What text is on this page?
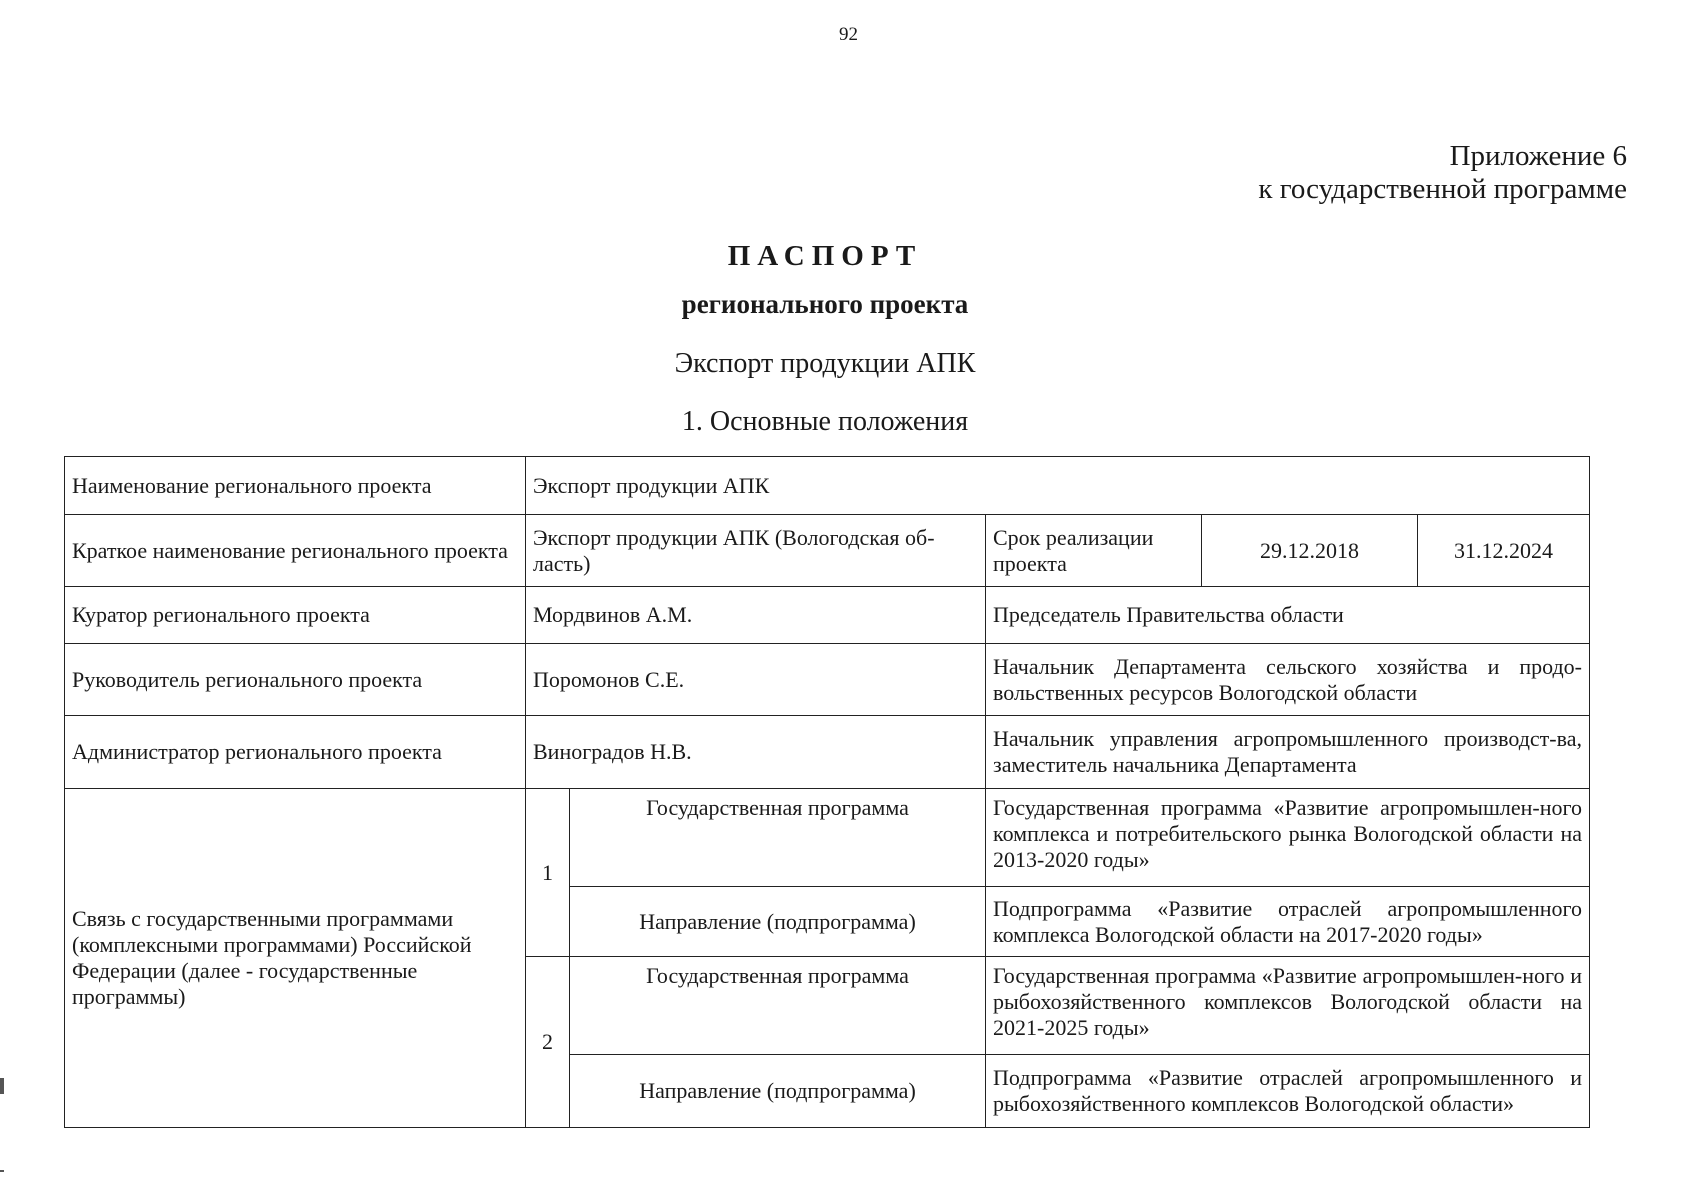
92
Приложение 6
к государственной программе
ПАСПОРТ
регионального проекта
Экспорт продукции АПК
1. Основные положения
Наименование регионального проекта	Экспорт продукции АПК				
Краткое наименование регионального проекта	Экспорт продукции АПК (Вологодская об-ласть)		Срок реализации проекта	29.12.2018	31.12.2024
Куратор регионального проекта	Мордвинов А.М.		Председатель Правительства области		
Руководитель регионального проекта	Поромонов С.Е.		Начальник Департамента сельского хозяйства и продо-вольственных ресурсов Вологодской области		
Администратор регионального проекта	Виноградов Н.В.		Начальник управления агропромышленного производст-ва, заместитель начальника Департамента		
Связь с государственными программами (комплексными программами) Российской Федерации (далее - государственные программы)	1	Государственная программа	Государственная программа «Развитие агропромышлен-ного комплекса и потребительского рынка Вологодской области на 2013-2020 годы»		
		Направление (подпрограмма)	Подпрограмма «Развитие отраслей агропромышленного комплекса Вологодской области на 2017-2020 годы»		
	2	Государственная программа	Государственная программа «Развитие агропромышлен-ного и рыбохозяйственного комплексов Вологодской области на 2021-2025 годы»		
		Направление (подпрограмма)	Подпрограмма «Развитие отраслей агропромышленного и рыбохозяйственного комплексов Вологодской области»		
